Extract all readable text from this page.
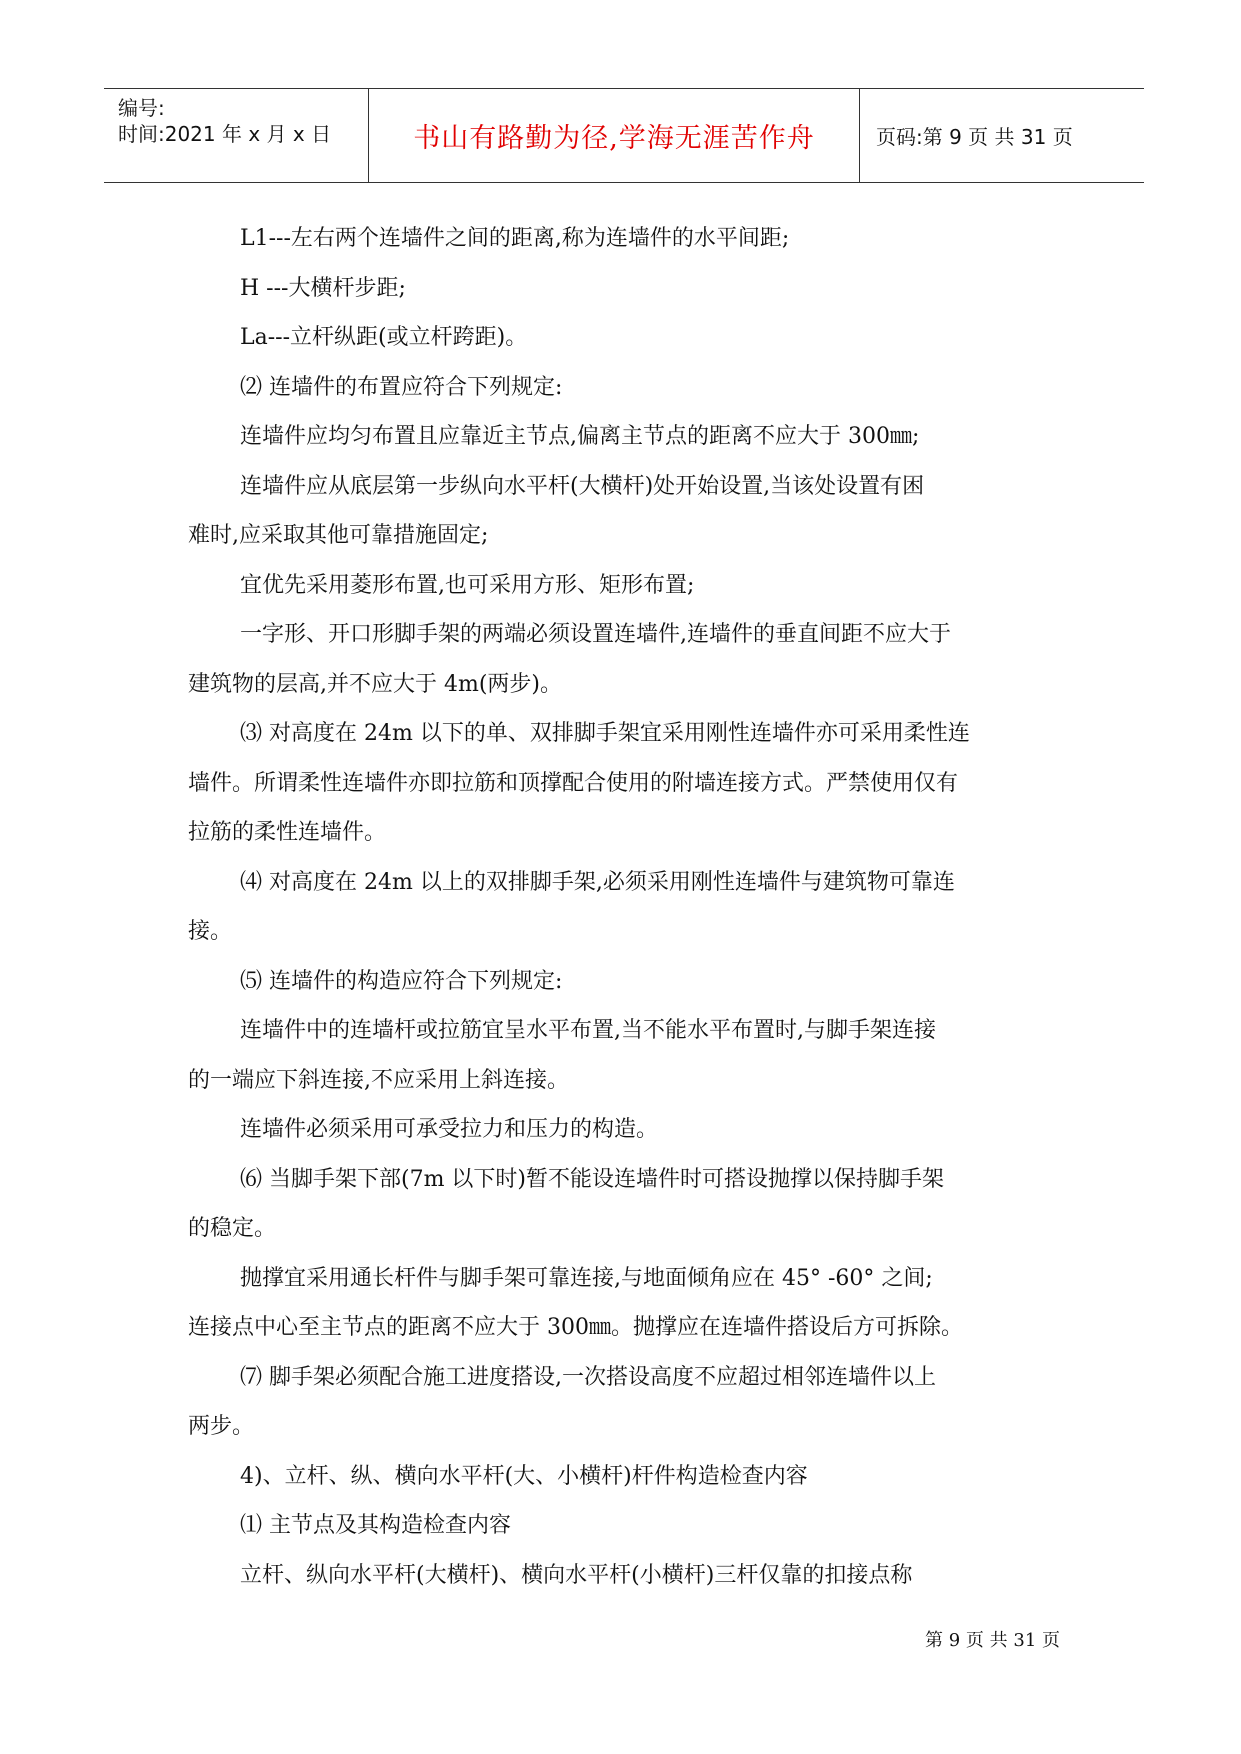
编号:
时间:2021 年 x 月 x 日	书山有路勤为径,学海无涯苦作舟	页码:第 9 页 共 31 页

L1---左右两个连墙件之间的距离,称为连墙件的水平间距;

H ---大横杆步距;

La---立杆纵距(或立杆跨距)。

⑵ 连墙件的布置应符合下列规定:

连墙件应均匀布置且应靠近主节点,偏离主节点的距离不应大于 300㎜;

连墙件应从底层第一步纵向水平杆(大横杆)处开始设置,当该处设置有困

难时,应采取其他可靠措施固定;

宜优先采用菱形布置,也可采用方形、矩形布置;

一字形、开口形脚手架的两端必须设置连墙件,连墙件的垂直间距不应大于

建筑物的层高,并不应大于 4m(两步)。

⑶ 对高度在 24m 以下的单、双排脚手架宜采用刚性连墙件亦可采用柔性连

墙件。所谓柔性连墙件亦即拉筋和顶撑配合使用的附墙连接方式。严禁使用仅有

拉筋的柔性连墙件。

⑷ 对高度在 24m 以上的双排脚手架,必须采用刚性连墙件与建筑物可靠连

接。

⑸ 连墙件的构造应符合下列规定:

连墙件中的连墙杆或拉筋宜呈水平布置,当不能水平布置时,与脚手架连接

的一端应下斜连接,不应采用上斜连接。

连墙件必须采用可承受拉力和压力的构造。

⑹ 当脚手架下部(7m 以下时)暂不能设连墙件时可搭设抛撑以保持脚手架

的稳定。

抛撑宜采用通长杆件与脚手架可靠连接,与地面倾角应在 45° -60° 之间;

连接点中心至主节点的距离不应大于 300㎜。抛撑应在连墙件搭设后方可拆除。

⑺ 脚手架必须配合施工进度搭设,一次搭设高度不应超过相邻连墙件以上

两步。

4)、立杆、纵、横向水平杆(大、小横杆)杆件构造检查内容

⑴ 主节点及其构造检查内容

立杆、纵向水平杆(大横杆)、横向水平杆(小横杆)三杆仅靠的扣接点称

第 9 页 共 31 页
